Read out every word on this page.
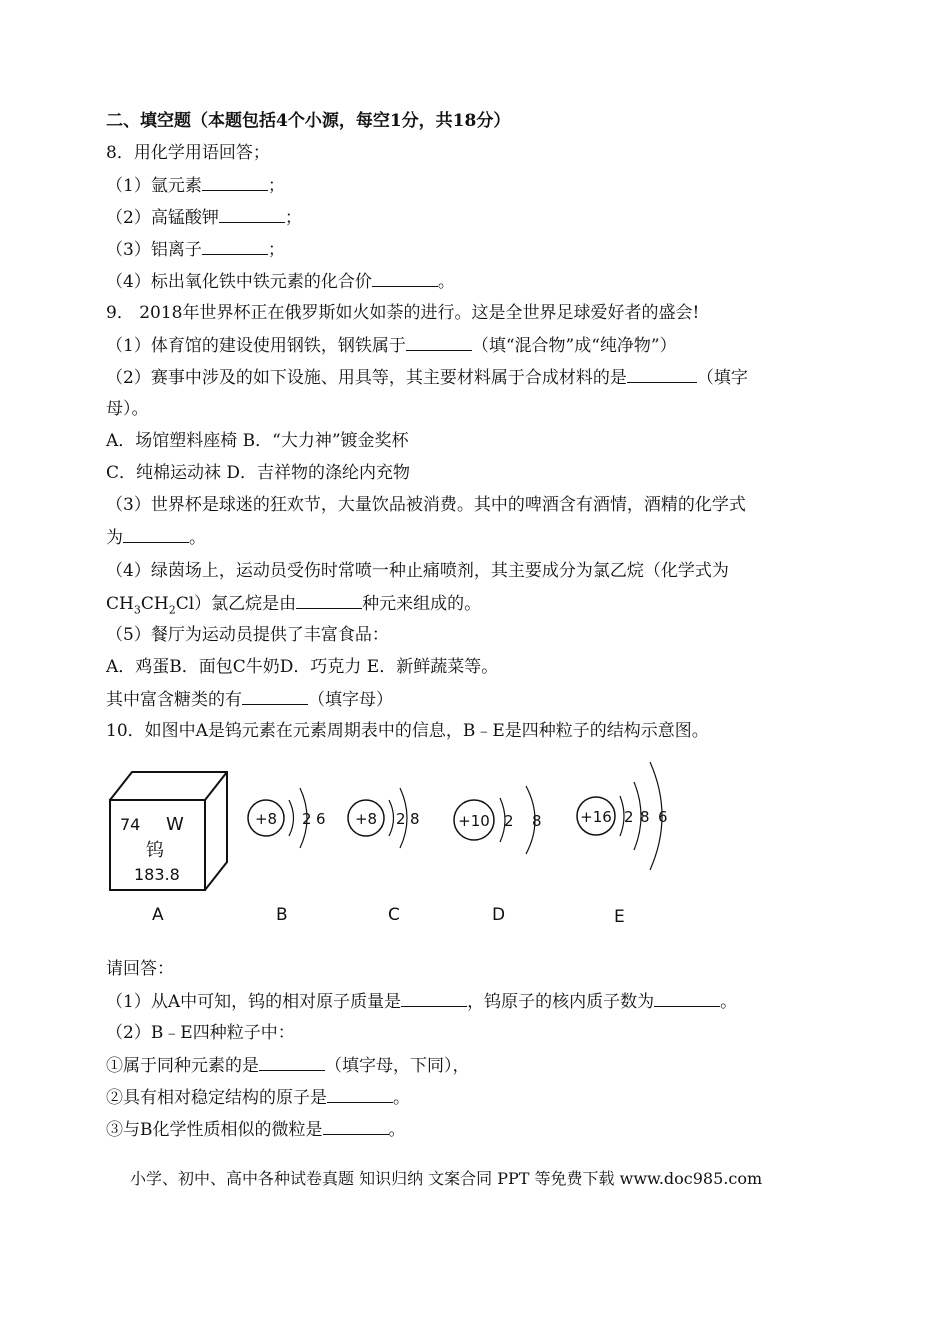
二、填空题（本题包括4个小源，每空1分，共18分）
8．用化学用语回答；
（1）氩元素	；
（2）高锰酸钾	；
（3）铝离子	；
（4）标出氧化铁中铁元素的化合价	。
9． 2018年世界杯正在俄罗斯如火如荼的进行。这是全世界足球爱好者的盛会!
（1）体育馆的建设使用钢铁，钢铁属于	（填“混合物”成“纯净物”）
（2）赛事中涉及的如下设施、用具等，其主要材料属于合成材料的是	（填字
母）。
A．场馆塑料座椅 B．“大力神”镀金奖杯
C．纯棉运动袜 D．吉祥物的涤纶内充物
（3）世界杯是球迷的狂欢节，大量饮品被消费。其中的啤酒含有酒情，酒精的化学式
为	。
（4）绿茵场上，运动员受伤时常喷一种止痛喷剂，其主要成分为氯乙烷（化学式为
$CH_3CH_2Cl$）氯乙烷是由	种元来组成的。
（5）餐厅为运动员提供了丰富食品：
A．鸡蛋B．面包C牛奶D．巧克力 E．新鲜蔬菜等。
其中富含糖类的有	（填字母）
10．如图中A是钨元素在元素周期表中的信息，B﹣E是四种粒子的结构示意图。
74 W
钨
183.8
A
+8 2 6
B
+8 2 8
C
+10 2 8
D
+16 2 8 6
E
请回答：
（1）从A中可知，钨的相对原子质量是	，钨原子的核内质子数为	。
（2）B﹣E四种粒子中：
①属于同种元素的是	（填字母，下同），
②具有相对稳定结构的原子是	。
③与B化学性质相似的微粒是	。
小学、初中、高中各种试卷真题 知识归纳 文案合同 PPT 等免费下载 www.doc985.com
